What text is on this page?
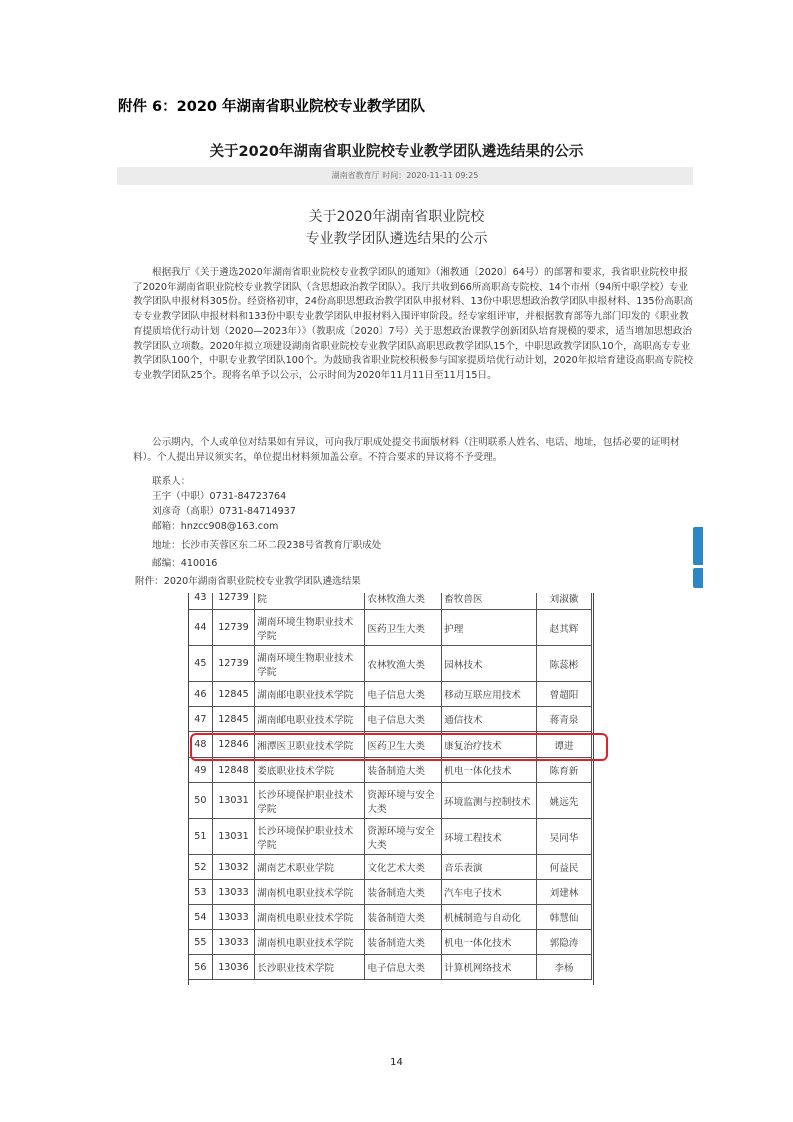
附件 6：2020 年湖南省职业院校专业教学团队
关于2020年湖南省职业院校专业教学团队遴选结果的公示
湖南省教育厅 时间：2020-11-11 09:25
关于2020年湖南省职业院校
专业教学团队遴选结果的公示

根据我厅《关于遴选2020年湖南省职业院校专业教学团队的通知》（湘教通〔2020〕64号）的部署和要求，我省职业院校申报了2020年湖南省职业院校专业教学团队（含思想政治教学团队）。我厅共收到66所高职高专院校、14个市州（94所中职学校）专业教学团队申报材料305份。经资格初审，24份高职思想政治教学团队申报材料、13份中职思想政治教学团队申报材料、135份高职高专专业教学团队申报材料和133份中职专业教学团队申报材料入围评审阶段。经专家组评审，并根据教育部等九部门印发的《职业教育提质培优行动计划（2020—2023年）》（教职成〔2020〕7号）关于思想政治课教学创新团队培育规模的要求，适当增加思想政治教学团队立项数。2020年拟立项建设湖南省职业院校专业教学团队高职思政教学团队15个，中职思政教学团队10个，高职高专专业教学团队100个，中职专业教学团队100个。为鼓励我省职业院校积极参与国家提质培优行动计划，2020年拟培育建设高职高专院校专业教学团队25个。现将名单予以公示，公示时间为2020年11月11日至11月15日。

公示期内，个人或单位对结果如有异议，可向我厅职成处提交书面版材料（注明联系人姓名、电话、地址，包括必要的证明材料）。个人提出异议须实名，单位提出材料须加盖公章。不符合要求的异议将不予受理。

联系人：
王宇（中职）0731-84723764
刘彦奇（高职）0731-84714937
邮箱：hnzcc908@163.com
地址：长沙市芙蓉区东二环二段238号省教育厅职成处
邮编：410016
附件：2020年湖南省职业院校专业教学团队遴选结果
43	12739	院	农林牧渔大类	畜牧兽医	刘淑徽
44	12739	湖南环境生物职业技术学院	医药卫生大类	护理	赵其辉
45	12739	湖南环境生物职业技术学院	农林牧渔大类	园林技术	陈蕊彬
46	12845	湖南邮电职业技术学院	电子信息大类	移动互联应用技术	曾超阳
47	12845	湖南邮电职业技术学院	电子信息大类	通信技术	蒋青泉
48	12846	湘潭医卫职业技术学院	医药卫生大类	康复治疗技术	谭进
49	12848	娄底职业技术学院	装备制造大类	机电一体化技术	陈育新
50	13031	长沙环境保护职业技术学院	资源环境与安全大类	环境监测与控制技术	姚远先
51	13031	长沙环境保护职业技术学院	资源环境与安全大类	环境工程技术	吴同华
52	13032	湖南艺术职业学院	文化艺术大类	音乐表演	何益民
53	13033	湖南机电职业技术学院	装备制造大类	汽车电子技术	刘建林
54	13033	湖南机电职业技术学院	装备制造大类	机械制造与自动化	韩慧仙
55	13033	湖南机电职业技术学院	装备制造大类	机电一体化技术	郭隐涛
56	13036	长沙职业技术学院	电子信息大类	计算机网络技术	李杨
14
